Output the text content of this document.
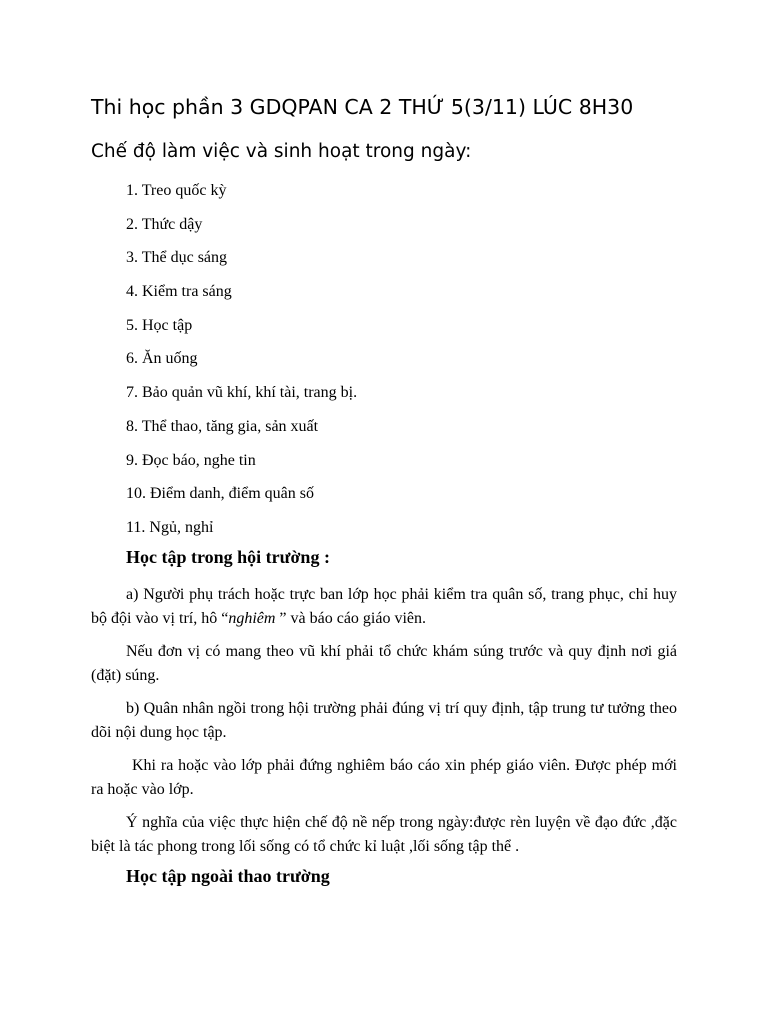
Thi học phần 3 GDQPAN CA 2 THỨ 5(3/11) LÚC 8H30
Chế độ làm việc và sinh hoạt trong ngày:
1. Treo quốc kỳ
2. Thức dậy
3. Thể dục sáng
4. Kiểm tra sáng
5. Học tập
6. Ăn uống
7. Bảo quản vũ khí, khí tài, trang bị.
8. Thể thao, tăng gia, sản xuất
9. Đọc báo, nghe tin
10. Điểm danh, điểm quân số
11. Ngủ, nghỉ
Học tập trong hội trường :

a) Người phụ trách hoặc trực ban lớp học phải kiểm tra quân số, trang phục, chỉ huy bộ đội vào vị trí, hô “nghiêm ” và báo cáo giáo viên.

Nếu đơn vị có mang theo vũ khí phải tổ chức khám súng trước và quy định nơi giá (đặt) súng.

b) Quân nhân ngồi trong hội trường phải đúng vị trí quy định, tập trung tư tưởng theo dõi nội dung học tập.

Khi ra hoặc vào lớp phải đứng nghiêm báo cáo xin phép giáo viên. Được phép mới ra hoặc vào lớp.

Ý nghĩa của việc thực hiện chế độ nề nếp trong ngày:được rèn luyện về đạo đức ,đặc biệt là tác phong trong lối sống có tổ chức kỉ luật ,lối sống tập thể .

Học tập ngoài thao trường
